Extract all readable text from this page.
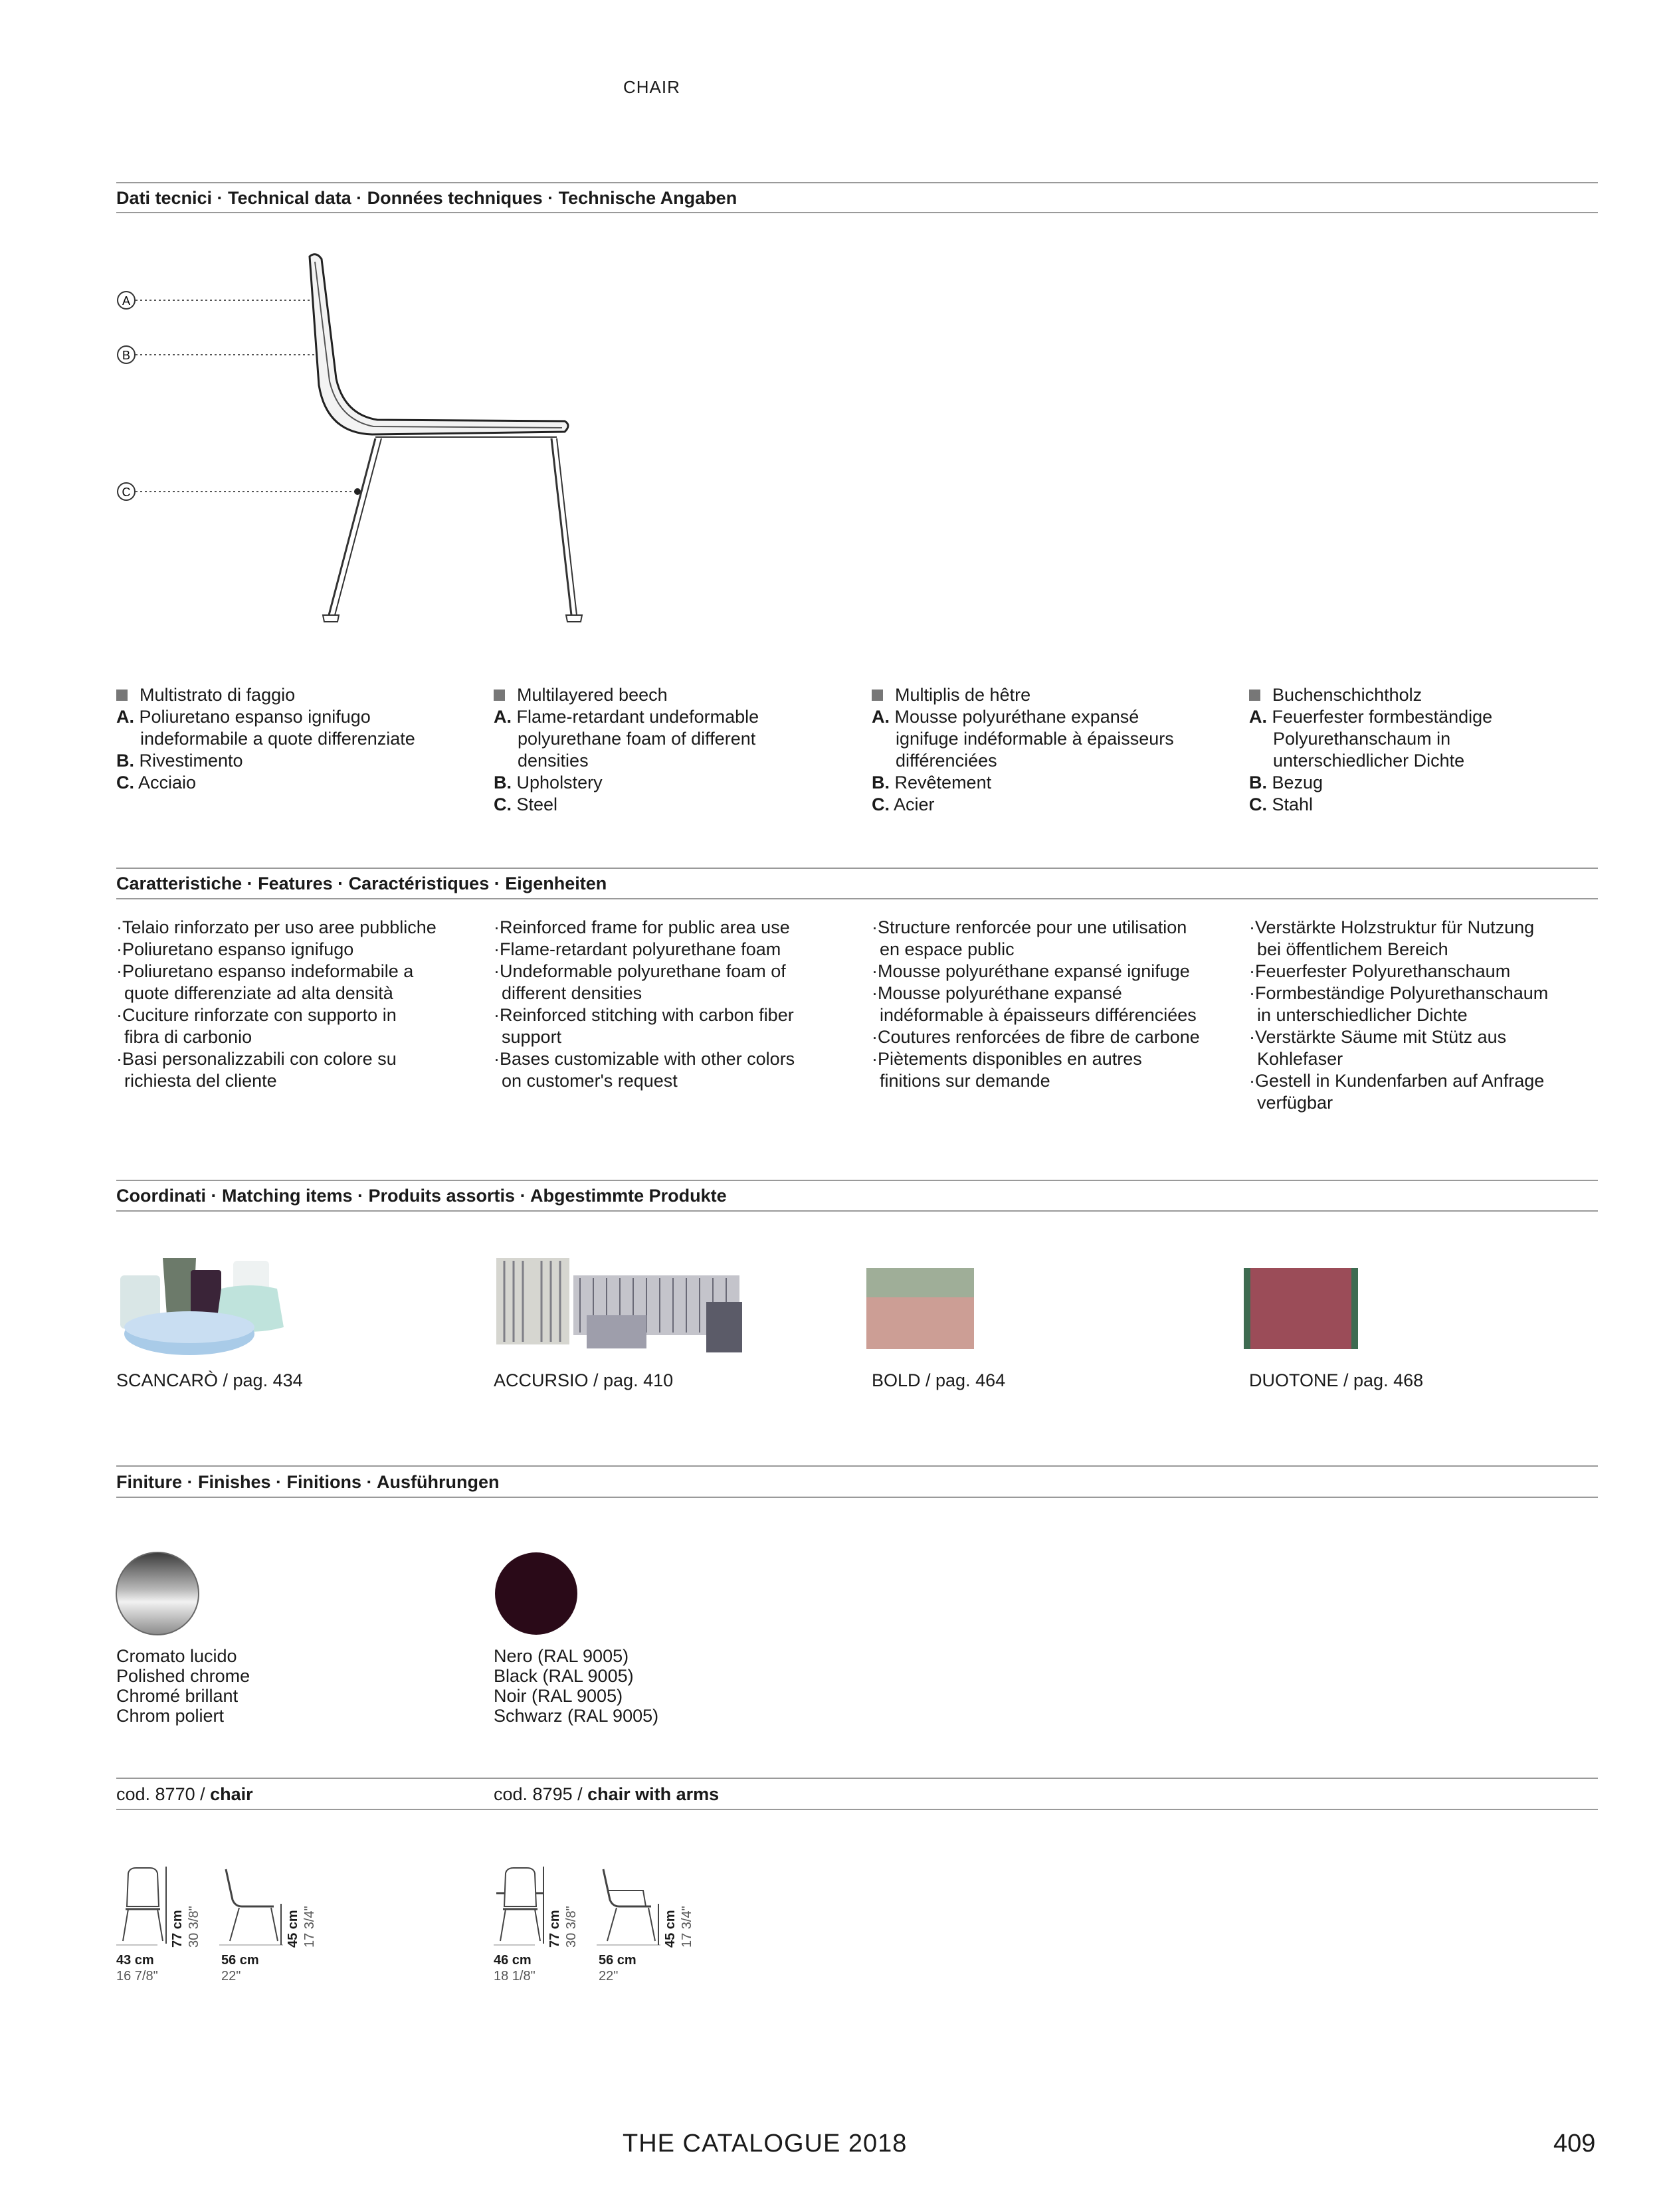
CHAIR
Dati tecnici · Technical data · Données techniques · Technische Angaben
A
B
C
Multistrato di faggio
A. Poliuretano espanso ignifugo
indeformabile a quote differenziate
B. Rivestimento
C. Acciaio
Multilayered beech
A. Flame-retardant undeformable
polyurethane foam of different
densities
B. Upholstery
C. Steel
Multiplis de hêtre
A. Mousse polyuréthane expansé
ignifuge indéformable à épaisseurs
différenciées
B. Revêtement
C. Acier
Buchenschichtholz
A. Feuerfester formbeständige
Polyurethanschaum in
unterschiedlicher Dichte
B. Bezug
C. Stahl
Caratteristiche · Features · Caractéristiques · Eigenheiten
·Telaio rinforzato per uso aree pubbliche
·Poliuretano espanso ignifugo
·Poliuretano espanso indeformabile a
quote differenziate ad alta densità
·Cuciture rinforzate con supporto in
fibra di carbonio
·Basi personalizzabili con colore su
richiesta del cliente
·Reinforced frame for public area use
·Flame-retardant polyurethane foam
·Undeformable polyurethane foam of
different densities
·Reinforced stitching with carbon fiber
support
·Bases customizable with other colors
on customer's request
·Structure renforcée pour une utilisation
en espace public
·Mousse polyuréthane expansé ignifuge
·Mousse polyuréthane expansé
indéformable à épaisseurs différenciées
·Coutures renforcées de fibre de carbone
·Piètements disponibles en autres
finitions sur demande
·Verstärkte Holzstruktur für Nutzung
bei öffentlichem Bereich
·Feuerfester Polyurethanschaum
·Formbeständige Polyurethanschaum
in unterschiedlicher Dichte
·Verstärkte Säume mit Stütz aus
Kohlefaser
·Gestell in Kundenfarben auf Anfrage
verfügbar
Coordinati · Matching items · Produits assortis · Abgestimmte Produkte
SCANCARÒ / pag. 434	ACCURSIO / pag. 410	BOLD / pag. 464	DUOTONE / pag. 468
Finiture · Finishes · Finitions · Ausführungen
Cromato lucido
Polished chrome
Chromé brillant
Chrom poliert
Nero (RAL 9005)
Black (RAL 9005)
Noir (RAL 9005)
Schwarz (RAL 9005)
cod. 8770 / chair	cod. 8795 / chair with arms
77 cm 30 3/8"	45 cm 17 3/4"
43 cm
16 7/8"
56 cm
22"
77 cm 30 3/8"	45 cm 17 3/4"
46 cm
18 1/8"
56 cm
22"
THE CATALOGUE 2018	409
